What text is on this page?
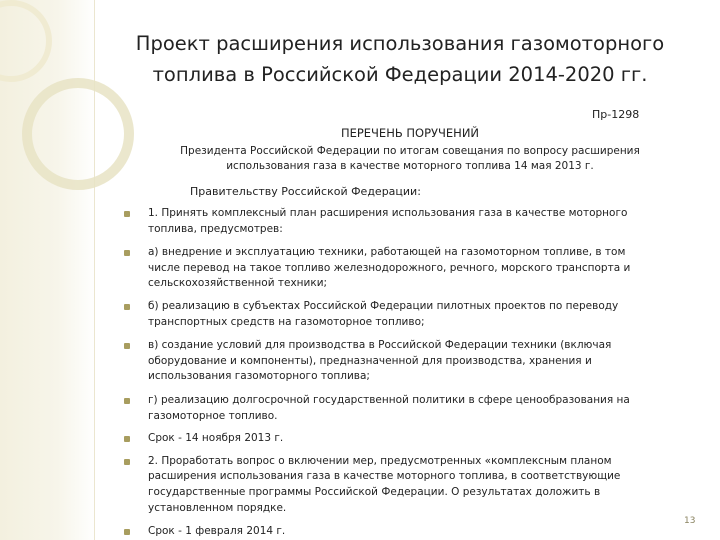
Проект расширения использования газомоторного
топлива в Российской Федерации 2014-2020 гг.
Пр-1298
ПЕРЕЧЕНЬ ПОРУЧЕНИЙ
Президента Российской Федерации по итогам совещания по вопросу расширения
использования газа в качестве моторного топлива 14 мая 2013 г.
Правительству Российской Федерации:
1. Принять комплексный план расширения использования газа в качестве моторного
топлива, предусмотрев:
а) внедрение и эксплуатацию техники, работающей на газомоторном топливе, в том
числе перевод на такое топливо железнодорожного, речного, морского транспорта и
сельскохозяйственной техники;
б) реализацию в субъектах Российской Федерации пилотных проектов по переводу
транспортных средств на газомоторное топливо;
в) создание условий для производства в Российской Федерации техники (включая
оборудование и компоненты), предназначенной для производства, хранения и
использования газомоторного топлива;
г) реализацию долгосрочной государственной политики в сфере ценообразования на
газомоторное топливо.
Срок - 14 ноября 2013 г.
2. Проработать вопрос о включении мер, предусмотренных «комплексным планом
расширения использования газа в качестве моторного топлива, в соответствующие
государственные программы Российской Федерации. О результатах доложить в
установленном порядке.
Срок - 1 февраля 2014 г.
13
